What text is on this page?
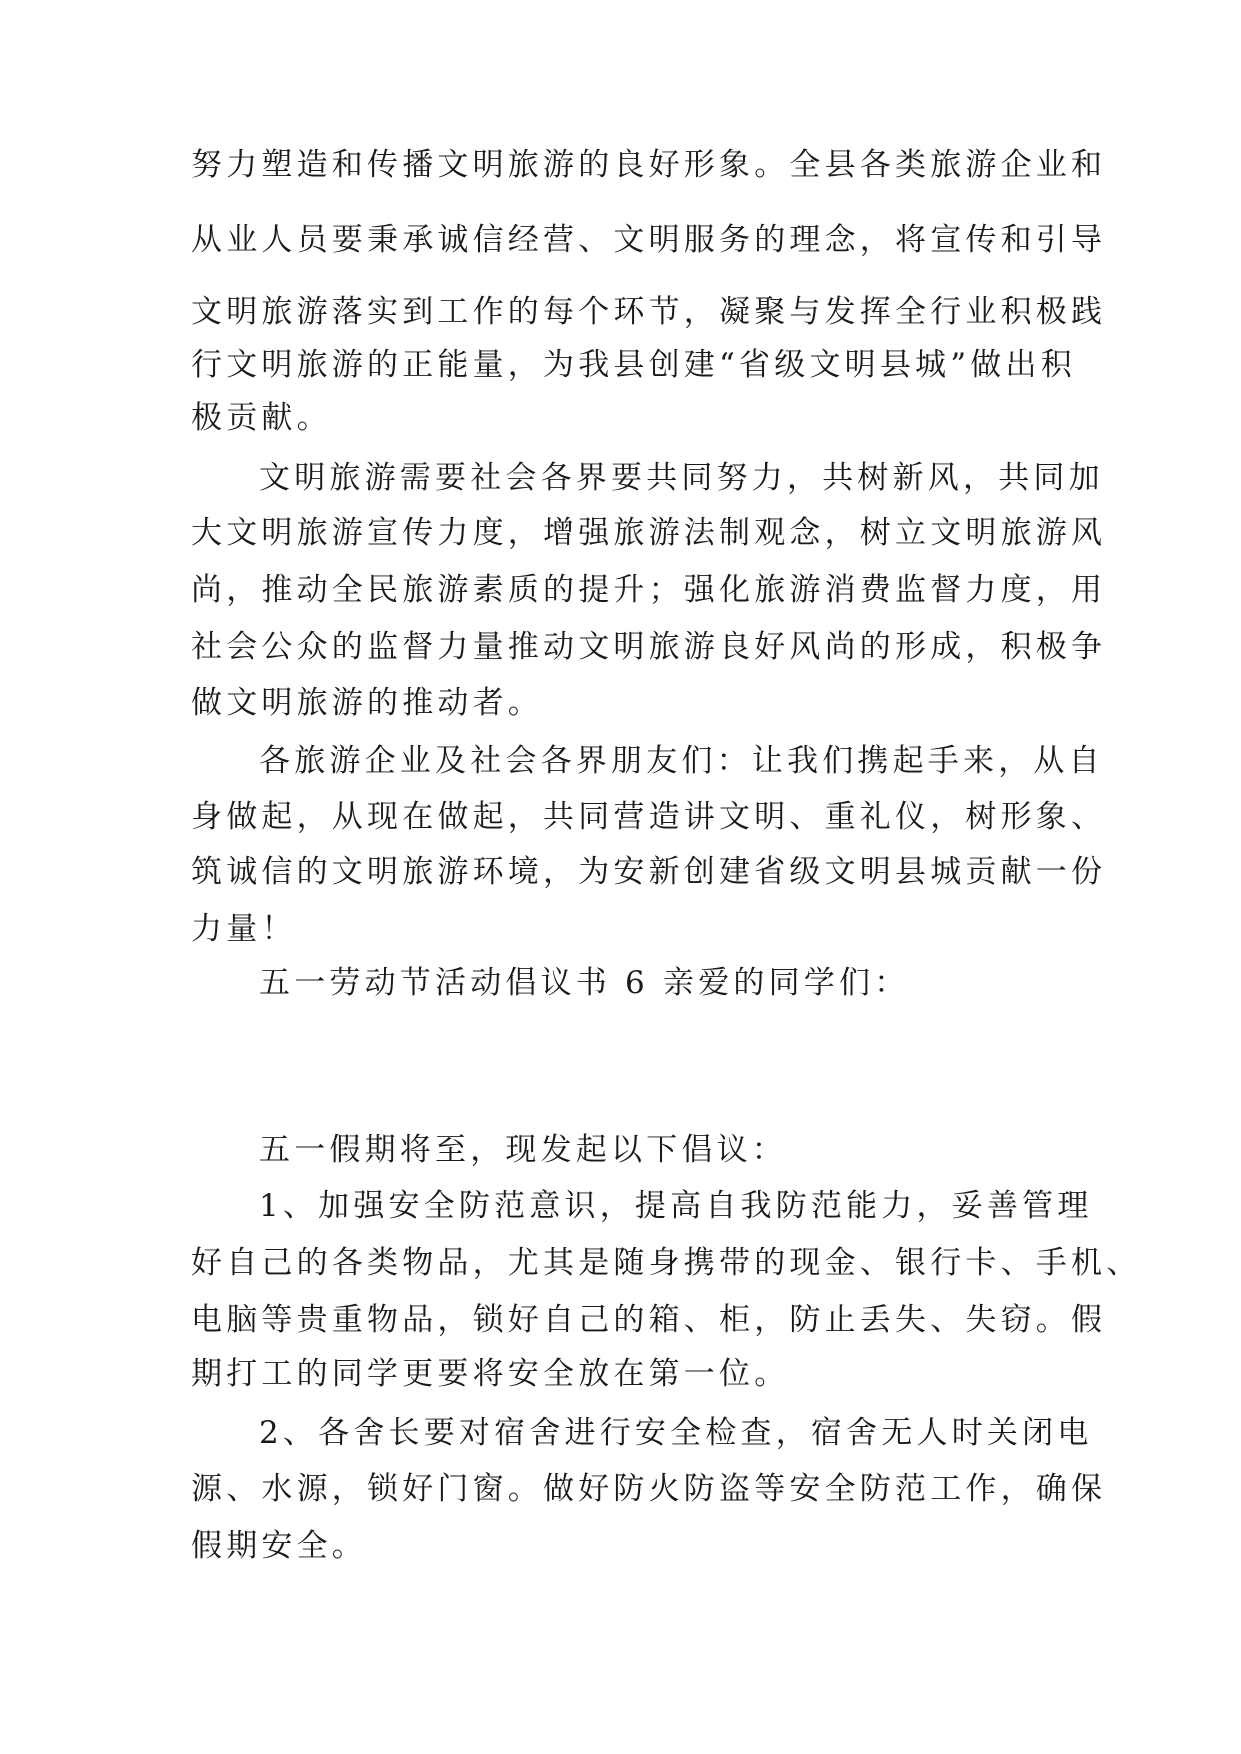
努力塑造和传播文明旅游的良好形象。全县各类旅游企业和
从业人员要秉承诚信经营、文明服务的理念，将宣传和引导
文明旅游落实到工作的每个环节，凝聚与发挥全行业积极践
行文明旅游的正能量，为我县创建“省级文明县城”做出积
极贡献。
文明旅游需要社会各界要共同努力，共树新风，共同加
大文明旅游宣传力度，增强旅游法制观念，树立文明旅游风
尚，推动全民旅游素质的提升；强化旅游消费监督力度，用
社会公众的监督力量推动文明旅游良好风尚的形成，积极争
做文明旅游的推动者。
各旅游企业及社会各界朋友们：让我们携起手来，从自
身做起，从现在做起，共同营造讲文明、重礼仪，树形象、
筑诚信的文明旅游环境，为安新创建省级文明县城贡献一份
力量！
五一劳动节活动倡议书 6 亲爱的同学们：
五一假期将至，现发起以下倡议：
1、加强安全防范意识，提高自我防范能力，妥善管理
好自己的各类物品，尤其是随身携带的现金、银行卡、手机、
电脑等贵重物品，锁好自己的箱、柜，防止丢失、失窃。假
期打工的同学更要将安全放在第一位。
2、各舍长要对宿舍进行安全检查，宿舍无人时关闭电
源、水源，锁好门窗。做好防火防盗等安全防范工作，确保
假期安全。
